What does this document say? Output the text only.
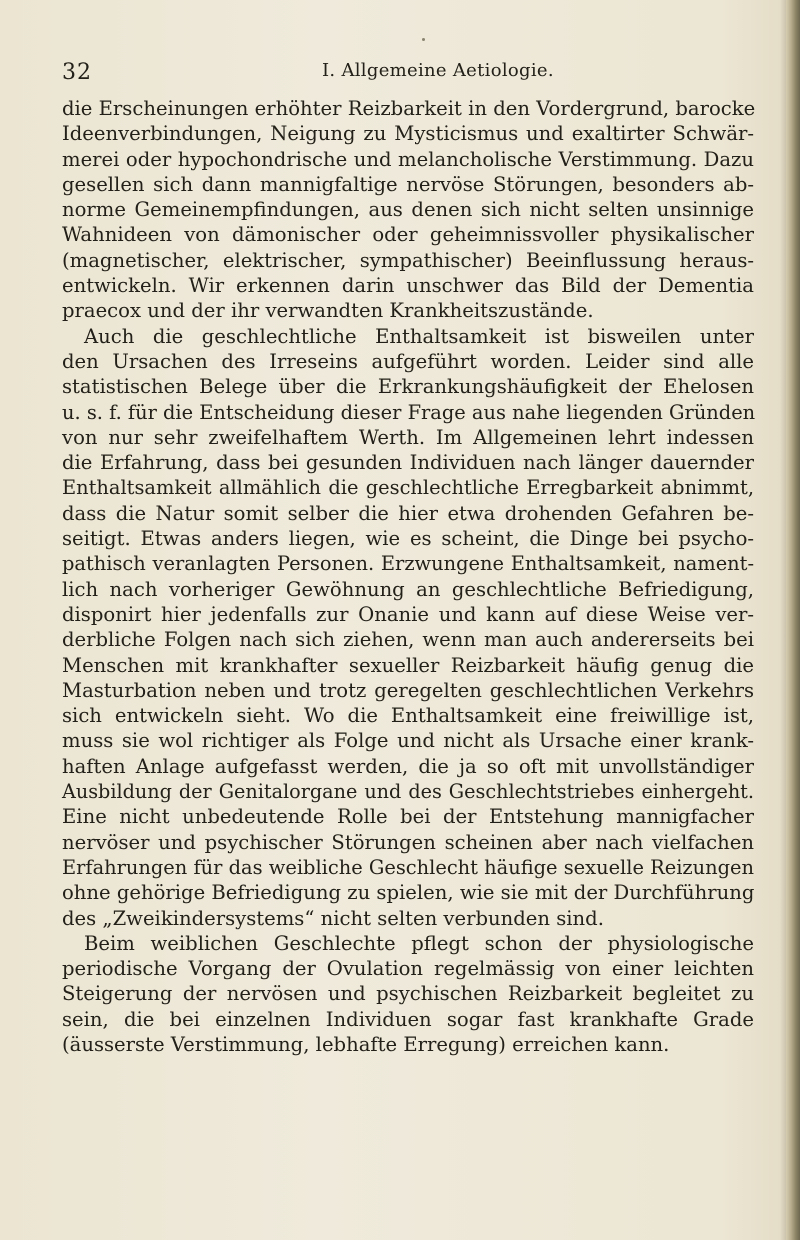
32	I. Allgemeine Aetiologie.
die Erscheinungen erhöhter Reizbarkeit in den Vordergrund, barocke
Ideenverbindungen, Neigung zu Mysticismus und exaltirter Schwär-
merei oder hypochondrische und melancholische Verstimmung. Dazu
gesellen sich dann mannigfaltige nervöse Störungen, besonders ab-
norme Gemeinempfindungen, aus denen sich nicht selten unsinnige
Wahnideen von dämonischer oder geheimnissvoller physikalischer
(magnetischer, elektrischer, sympathischer) Beeinflussung heraus-
entwickeln. Wir erkennen darin unschwer das Bild der Dementia
praecox und der ihr verwandten Krankheitszustände.
Auch die geschlechtliche Enthaltsamkeit ist bisweilen unter
den Ursachen des Irreseins aufgeführt worden. Leider sind alle
statistischen Belege über die Erkrankungshäufigkeit der Ehelosen
u. s. f. für die Entscheidung dieser Frage aus nahe liegenden Gründen
von nur sehr zweifelhaftem Werth. Im Allgemeinen lehrt indessen
die Erfahrung, dass bei gesunden Individuen nach länger dauernder
Enthaltsamkeit allmählich die geschlechtliche Erregbarkeit abnimmt,
dass die Natur somit selber die hier etwa drohenden Gefahren be-
seitigt. Etwas anders liegen, wie es scheint, die Dinge bei psycho-
pathisch veranlagten Personen. Erzwungene Enthaltsamkeit, nament-
lich nach vorheriger Gewöhnung an geschlechtliche Befriedigung,
disponirt hier jedenfalls zur Onanie und kann auf diese Weise ver-
derbliche Folgen nach sich ziehen, wenn man auch andererseits bei
Menschen mit krankhafter sexueller Reizbarkeit häufig genug die
Masturbation neben und trotz geregelten geschlechtlichen Verkehrs
sich entwickeln sieht. Wo die Enthaltsamkeit eine freiwillige ist,
muss sie wol richtiger als Folge und nicht als Ursache einer krank-
haften Anlage aufgefasst werden, die ja so oft mit unvollständiger
Ausbildung der Genitalorgane und des Geschlechtstriebes einhergeht.
Eine nicht unbedeutende Rolle bei der Entstehung mannigfacher
nervöser und psychischer Störungen scheinen aber nach vielfachen
Erfahrungen für das weibliche Geschlecht häufige sexuelle Reizungen
ohne gehörige Befriedigung zu spielen, wie sie mit der Durchführung
des „Zweikindersystems“ nicht selten verbunden sind.
Beim weiblichen Geschlechte pflegt schon der physiologische
periodische Vorgang der Ovulation regelmässig von einer leichten
Steigerung der nervösen und psychischen Reizbarkeit begleitet zu
sein, die bei einzelnen Individuen sogar fast krankhafte Grade
(äusserste Verstimmung, lebhafte Erregung) erreichen kann.
